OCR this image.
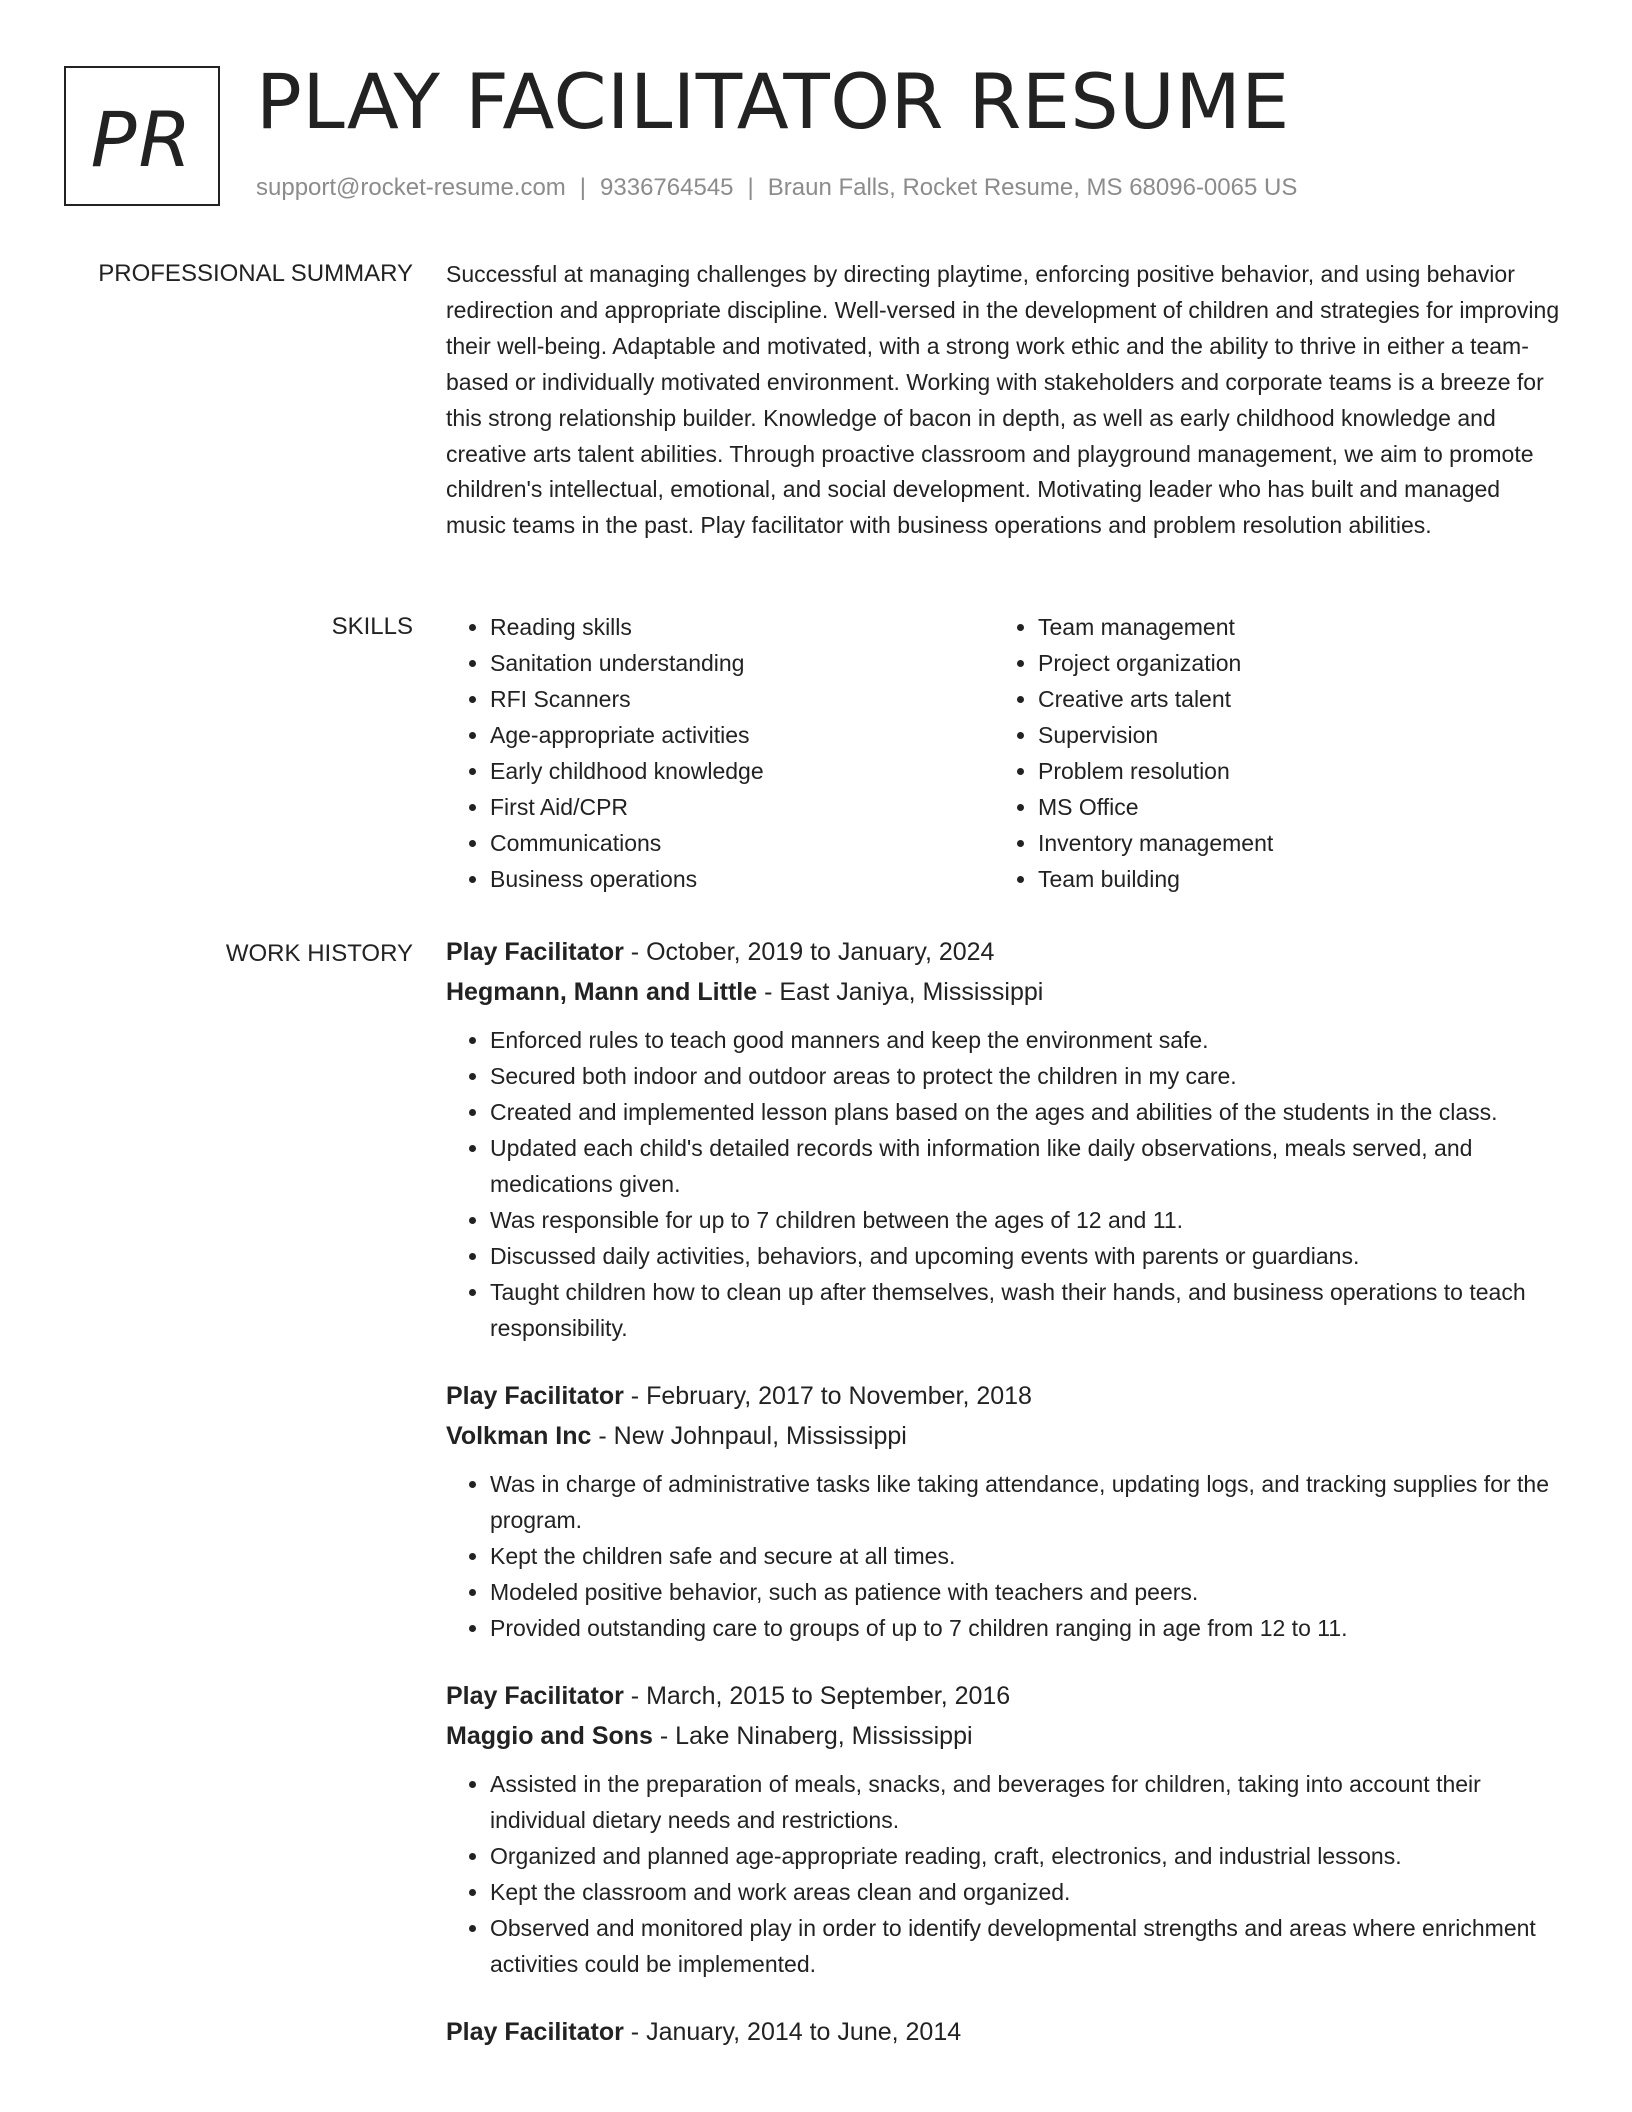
PR PLAY FACILITATOR RESUME
support@rocket-resume.com | 9336764545 | Braun Falls, Rocket Resume, MS 68096-0065 US
PROFESSIONAL SUMMARY Successful at managing challenges by directing playtime, enforcing positive behavior, and using behavior redirection and appropriate discipline. Well-versed in the development of children and strategies for improving their well-being. Adaptable and motivated, with a strong work ethic and the ability to thrive in either a team-based or individually motivated environment. Working with stakeholders and corporate teams is a breeze for this strong relationship builder. Knowledge of bacon in depth, as well as early childhood knowledge and creative arts talent abilities. Through proactive classroom and playground management, we aim to promote children's intellectual, emotional, and social development. Motivating leader who has built and managed music teams in the past. Play facilitator with business operations and problem resolution abilities.

SKILLS
•	Reading skills
• Sanitation understanding
• RFI Scanners
• Age-appropriate activities
• Early childhood knowledge
• First Aid/CPR
• Communications
• Business operations
• Team management
• Project organization
• Creative arts talent
• Supervision
• Problem resolution
• MS Office
• Inventory management
• Team building
WORK HISTORY Play Facilitator - October, 2019 to January, 2024

Hegmann, Mann and Little - East Janiya, Mississippi

• Enforced rules to teach good manners and keep the environment safe.
• Secured both indoor and outdoor areas to protect the children in my care.
• Created and implemented lesson plans based on the ages and abilities of the students in the class.
• Updated each child's detailed records with information like daily observations, meals served, and medications given.
• Was responsible for up to 7 children between the ages of 12 and 11.
• Discussed daily activities, behaviors, and upcoming events with parents or guardians.
• Taught children how to clean up after themselves, wash their hands, and business operations to teach responsibility.

Play Facilitator - February, 2017 to November, 2018

Volkman Inc - New Johnpaul, Mississippi

• Was in charge of administrative tasks like taking attendance, updating logs, and tracking supplies for the program.
• Kept the children safe and secure at all times.
• Modeled positive behavior, such as patience with teachers and peers.
• Provided outstanding care to groups of up to 7 children ranging in age from 12 to 11.

Play Facilitator - March, 2015 to September, 2016

Maggio and Sons - Lake Ninaberg, Mississippi

• Assisted in the preparation of meals, snacks, and beverages for children, taking into account their individual dietary needs and restrictions.
• Organized and planned age-appropriate reading, craft, electronics, and industrial lessons.
• Kept the classroom and work areas clean and organized.
• Observed and monitored play in order to identify developmental strengths and areas where enrichment activities could be implemented.

Play Facilitator - January, 2014 to June, 2014
